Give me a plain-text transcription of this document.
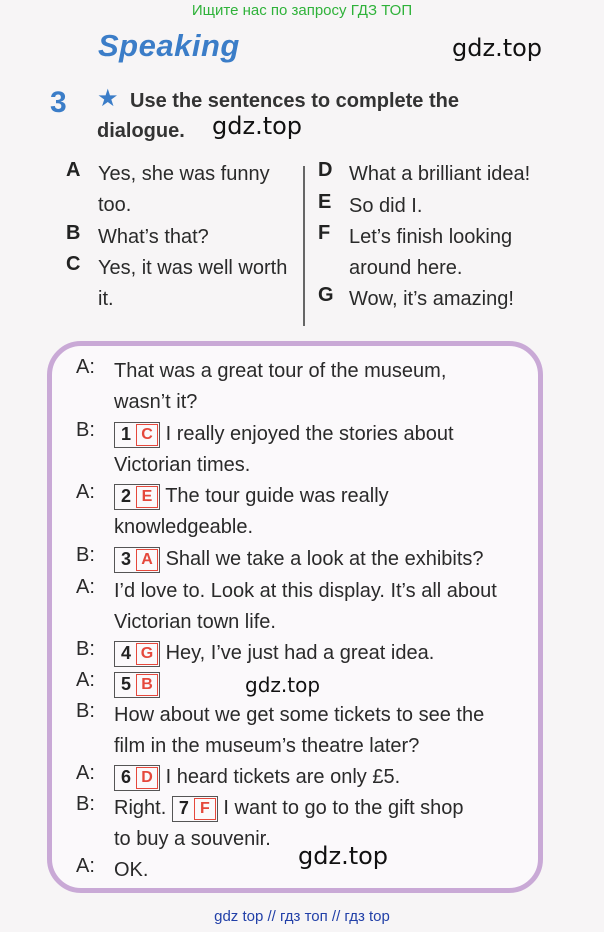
Ищите нас по запросу ГДЗ ТОП
gdz top // гдз топ // гдз top
Speaking	gdz.top
gdz.top
gdz.top
gdz.top
3 ★ Use the sentences to complete the
dialogue.
A Yes, she was funny
too.
B What’s that?
C Yes, it was well worth
it.
D What a brilliant idea!
E So did I.
F Let’s finish looking
around here.
G Wow, it’s amazing!
A: That was a great tour of the museum,
wasn’t it?
B:	1 C I really enjoyed the stories about
Victorian times.
A:	2 E The tour guide was really
knowledgeable.
B:	3 A Shall we take a look at the exhibits?
A: I’d love to. Look at this display. It’s all about
Victorian town life.
B:	4 G Hey, I’ve just had a great idea.
A:	5 B
B: How about we get some tickets to see the
film in the museum’s theatre later?
A:	6 D I heard tickets are only £5.
B: Right. 7 F I want to go to the gift shop
to buy a souvenir.
A: OK.
